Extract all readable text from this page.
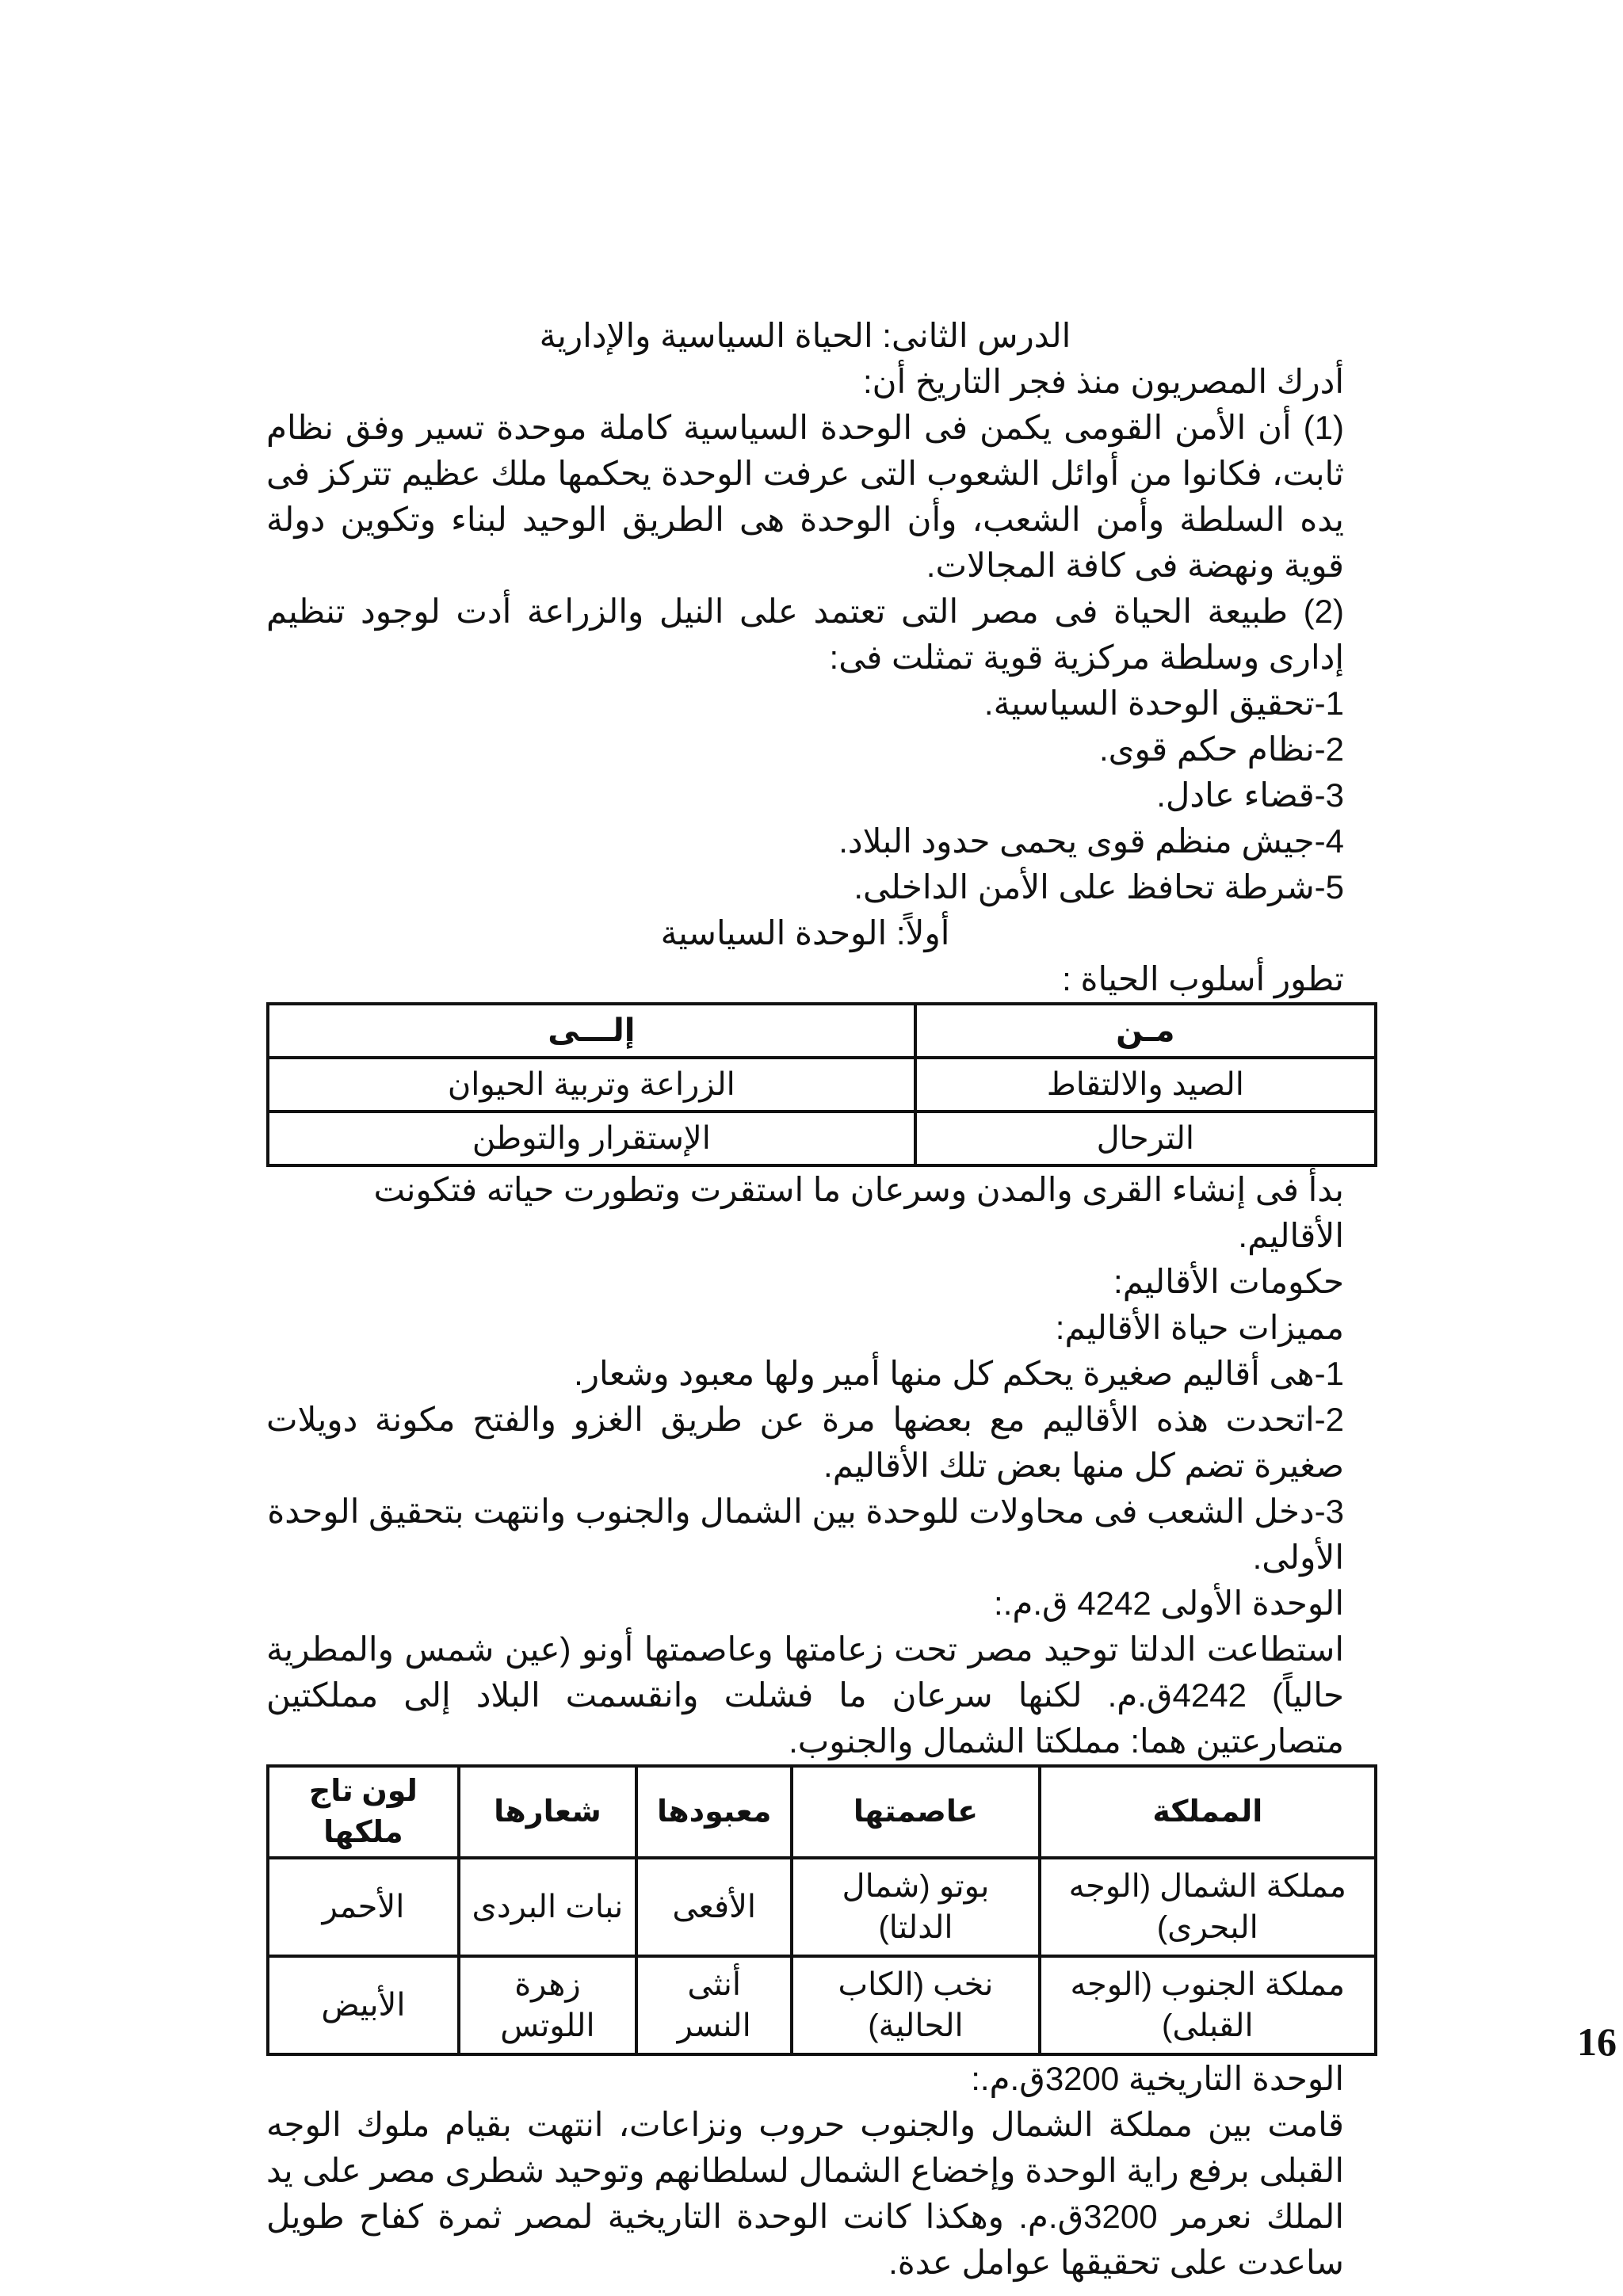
الدرس الثانى: الحياة السياسية والإدارية

أدرك المصريون منذ فجر التاريخ أن:

(1) أن الأمن القومى يكمن فى الوحدة السياسية كاملة موحدة تسير وفق نظام ثابت، فكانوا من أوائل الشعوب التى عرفت الوحدة يحكمها ملك عظيم تتركز فى يده السلطة وأمن الشعب، وأن الوحدة هى الطريق الوحيد لبناء وتكوين دولة قوية ونهضة فى كافة المجالات.

(2) طبيعة الحياة فى مصر التى تعتمد على النيل والزراعة أدت لوجود تنظيم إدارى وسلطة مركزية قوية تمثلت فى:

1-تحقيق الوحدة السياسية.

2-نظام حكم قوى.

3-قضاء عادل.

4-جيش منظم قوى يحمى حدود البلاد.

5-شرطة تحافظ على الأمن الداخلى.

أولاً: الوحدة السياسية

تطور أسلوب الحياة :

مـن	إلـــى
الصيد والالتقاط	الزراعة وتربية الحيوان
الترحال	الإستقرار والتوطن

بدأ فى إنشاء القرى والمدن وسرعان ما استقرت وتطورت حياته فتكونت الأقاليم.

حكومات الأقاليم:

مميزات حياة الأقاليم:

1-هى أقاليم صغيرة يحكم كل منها أمير ولها معبود وشعار.

2-اتحدت هذه الأقاليم مع بعضها مرة عن طريق الغزو والفتح مكونة دويلات صغيرة تضم كل منها بعض تلك الأقاليم.

3-دخل الشعب فى محاولات للوحدة بين الشمال والجنوب وانتهت بتحقيق الوحدة الأولى.

الوحدة الأولى 4242 ق.م.:

استطاعت الدلتا توحيد مصر تحت زعامتها وعاصمتها أونو (عين شمس والمطرية حالياً) 4242ق.م. لكنها سرعان ما فشلت وانقسمت البلاد إلى مملكتين متصارعتين هما: مملكتا الشمال والجنوب.

المملكة	عاصمتها	معبودها	شعارها	لون تاج ملكها
مملكة الشمال (الوجه البحرى)	بوتو (شمال الدلتا)	الأفعى	نبات البردى	الأحمر
مملكة الجنوب (الوجه القبلى)	نخب (الكاب الحالية)	أنثى النسر	زهرة اللوتس	الأبيض

الوحدة التاريخية 3200ق.م.:

قامت بين مملكة الشمال والجنوب حروب ونزاعات، انتهت بقيام ملوك الوجه القبلى برفع راية الوحدة وإخضاع الشمال لسلطانهم وتوحيد شطرى مصر على يد الملك نعرمر 3200ق.م. وهكذا كانت الوحدة التاريخية لمصر ثمرة كفاح طويل ساعدت على تحقيقها عوامل عدة.

16
